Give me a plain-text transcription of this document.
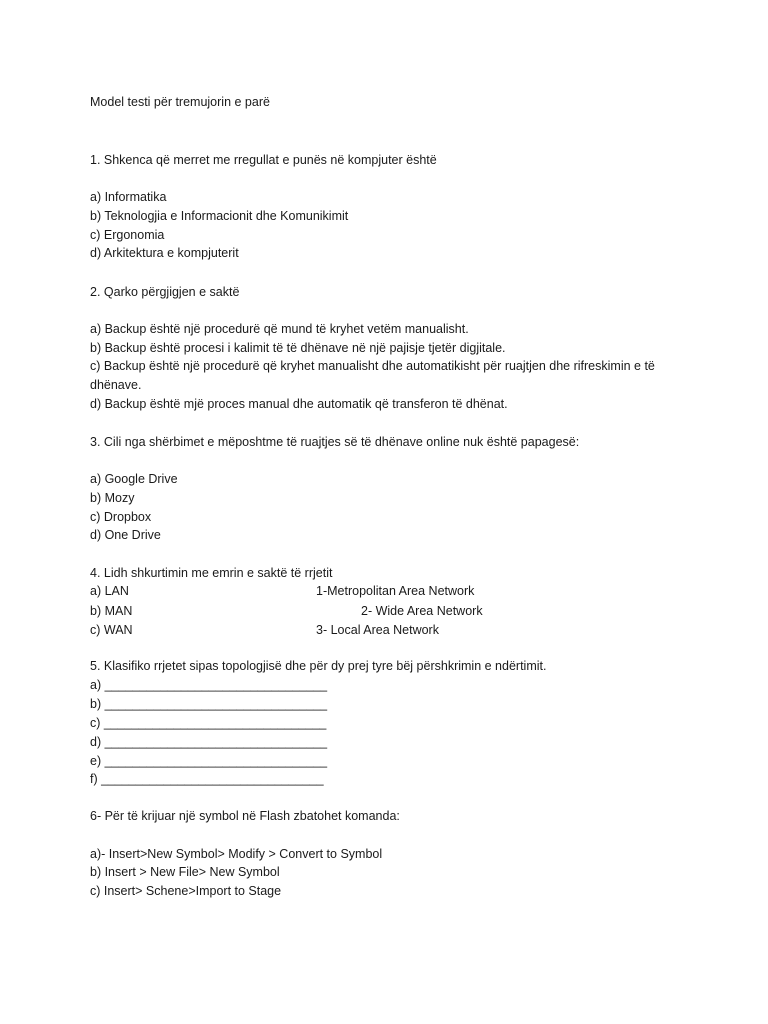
Model testi për tremujorin e parë
1. Shkenca që merret me rregullat e punës në kompjuter është
a) Informatika
b) Teknologjia e Informacionit dhe Komunikimit
c) Ergonomia
d) Arkitektura e kompjuterit
2. Qarko përgjigjen e saktë
a) Backup është një procedurë që mund të kryhet vetëm manualisht.
b) Backup është procesi i kalimit të të dhënave në një pajisje tjetër digjitale.
c) Backup është një procedurë që kryhet manualisht dhe automatikisht për ruajtjen dhe rifreskimin e të
dhënave.
d) Backup është mjë proces manual dhe automatik që transferon të dhënat.
3. Cili nga shërbimet e mëposhtme të ruajtjes së të dhënave online nuk është papagesë:
a) Google Drive
b) Mozy
c) Dropbox
d) One Drive
4. Lidh shkurtimin me emrin e saktë të rrjetit
a) LAN	1-Metropolitan Area Network
b) MAN	2- Wide Area Network
c) WAN	3- Local Area Network
5. Klasifiko rrjetet sipas topologjisë dhe për dy prej tyre bëj përshkrimin e ndërtimit.
a) ________________________________
b) ________________________________
c) ________________________________
d) ________________________________
e) ________________________________
f) ________________________________
6- Për të krijuar një symbol në Flash zbatohet komanda:
a)- Insert>New Symbol> Modify > Convert to Symbol
b) Insert > New File> New Symbol
c) Insert> Schene>Import to Stage
